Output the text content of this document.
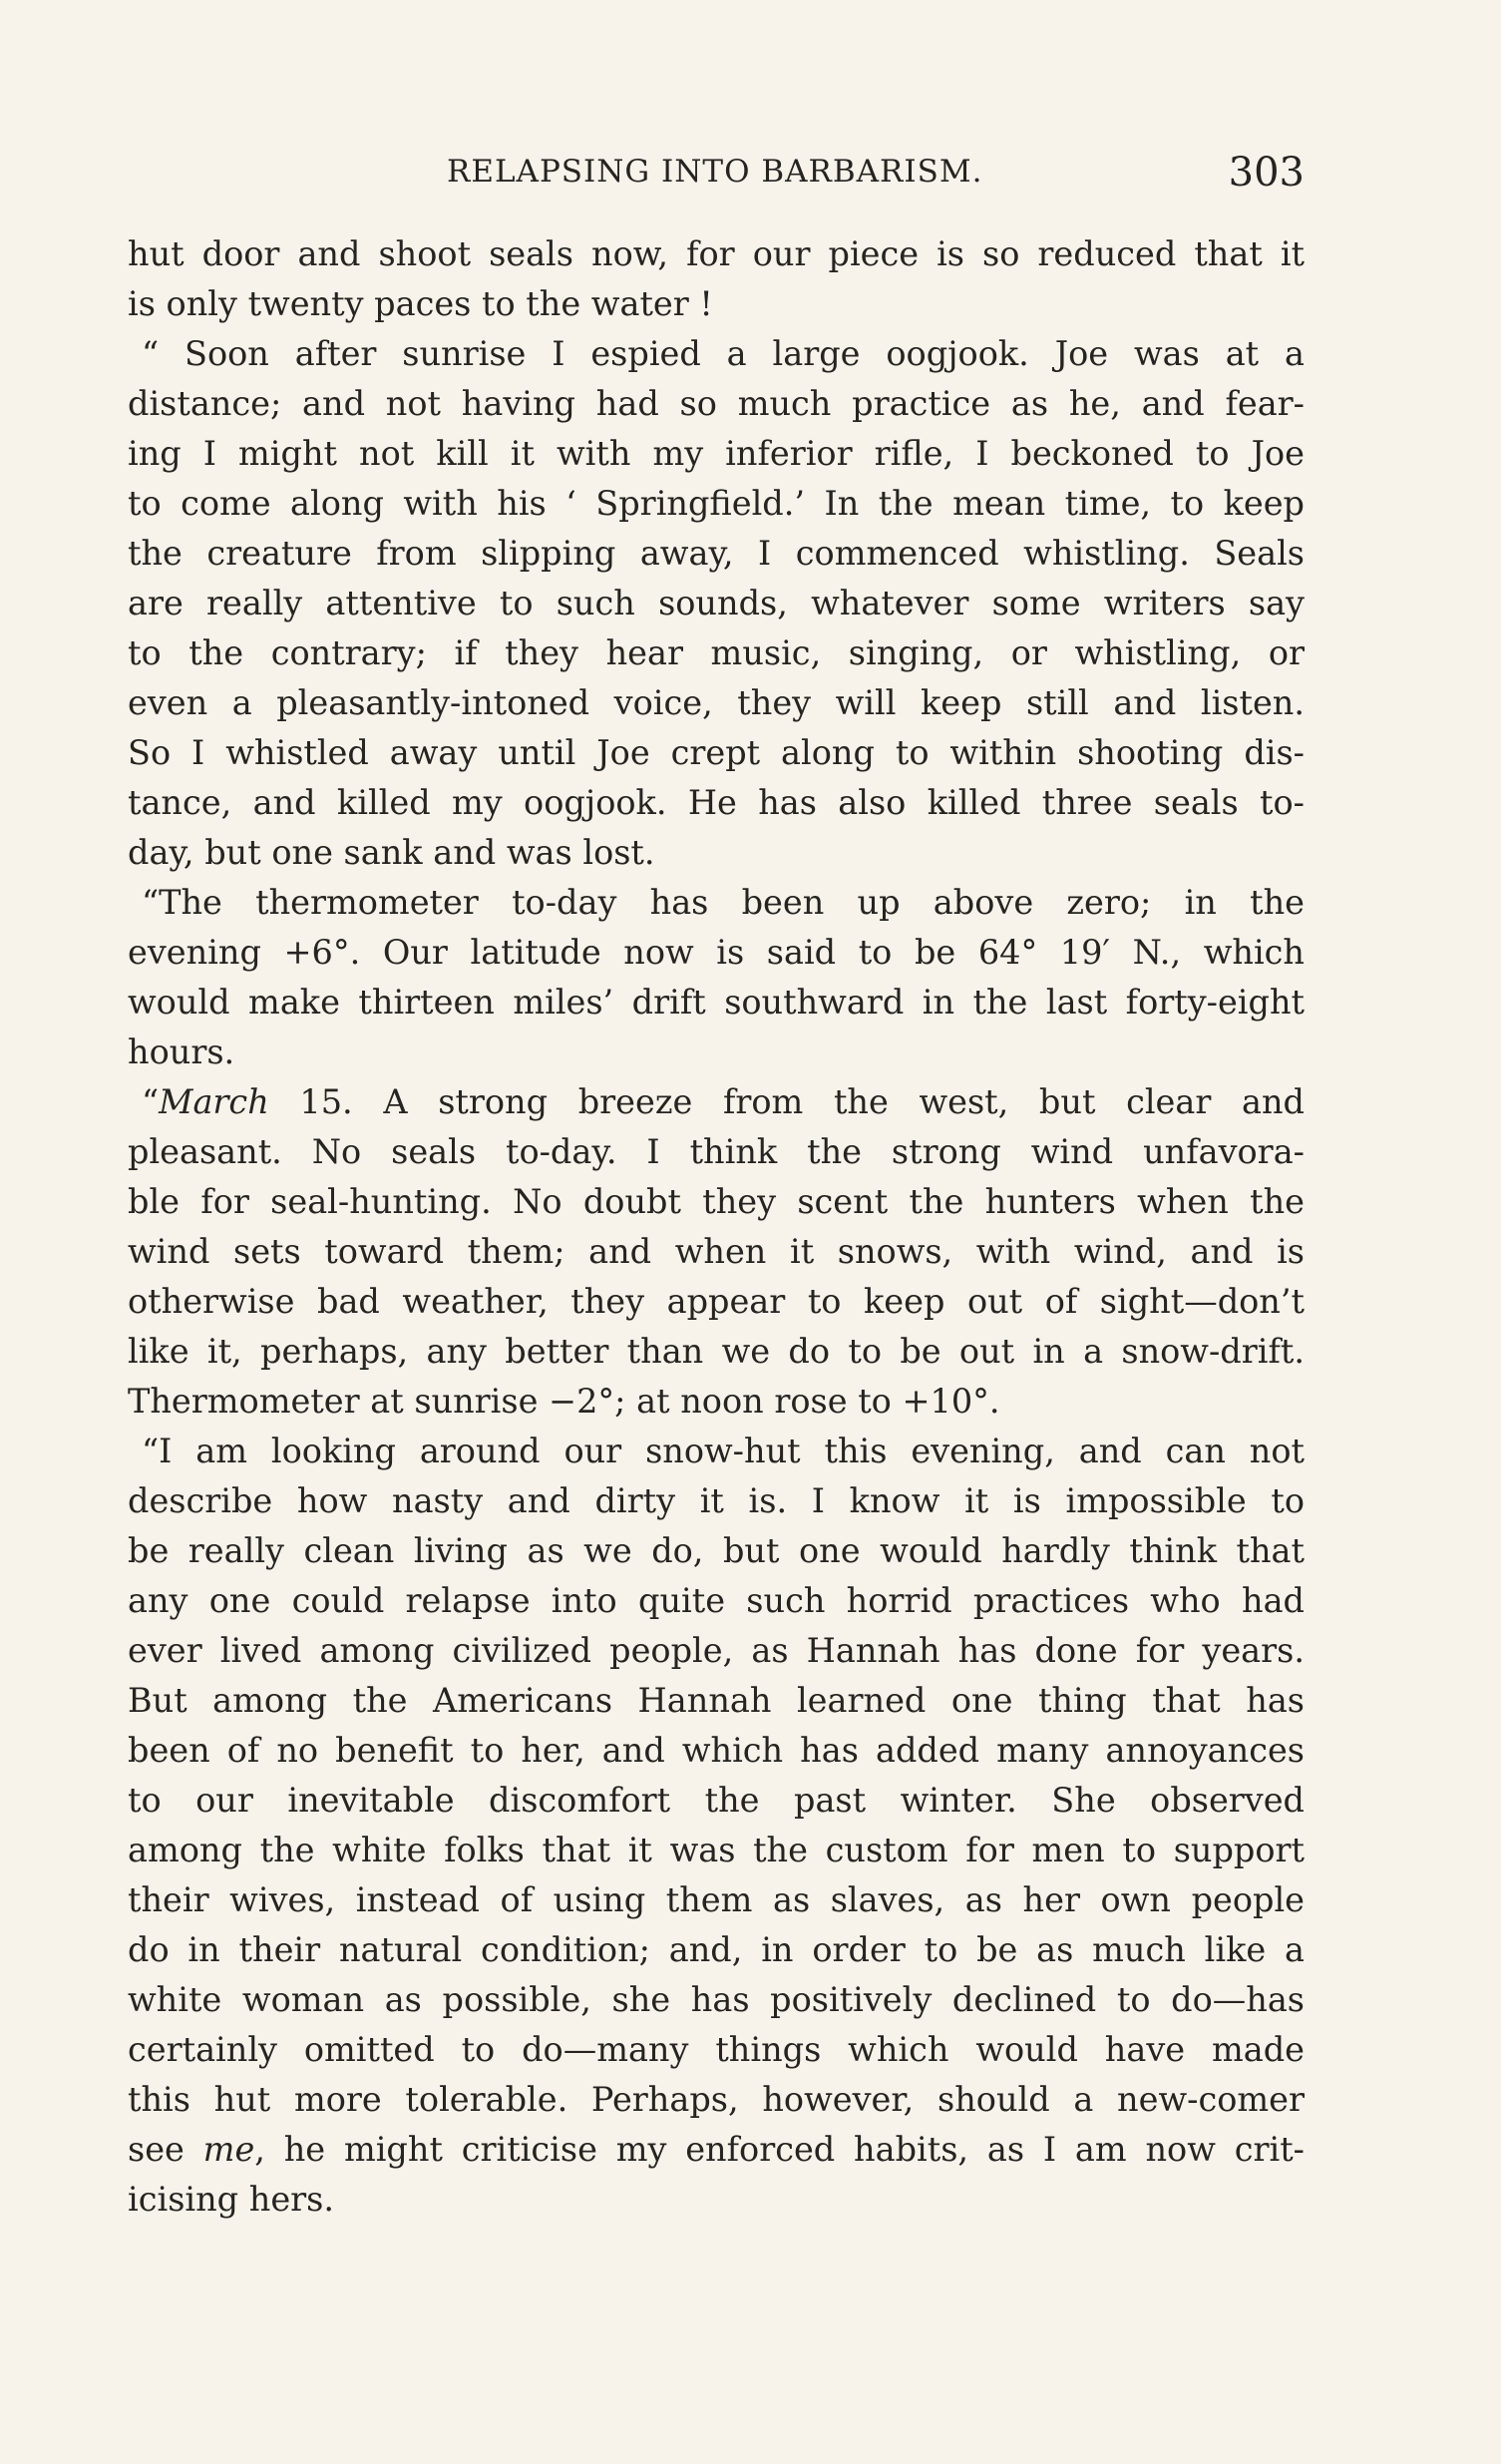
RELAPSING INTO BARBARISM.	303
hut door and shoot seals now, for our piece is so reduced that it
is only twenty paces to the water !
“ Soon after sunrise I espied a large oogjook. Joe was at a
distance; and not having had so much practice as he, and fear-
ing I might not kill it with my inferior rifle, I beckoned to Joe
to come along with his ‘ Springfield.’ In the mean time, to keep
the creature from slipping away, I commenced whistling. Seals
are really attentive to such sounds, whatever some writers say
to the contrary; if they hear music, singing, or whistling, or
even a pleasantly-intoned voice, they will keep still and listen.
So I whistled away until Joe crept along to within shooting dis-
tance, and killed my oogjook. He has also killed three seals to-
day, but one sank and was lost.
“The thermometer to-day has been up above zero; in the
evening +6°. Our latitude now is said to be 64° 19′ N., which
would make thirteen miles’ drift southward in the last forty-eight
hours.
“March 15. A strong breeze from the west, but clear and
pleasant. No seals to-day. I think the strong wind unfavora-
ble for seal-hunting. No doubt they scent the hunters when the
wind sets toward them; and when it snows, with wind, and is
otherwise bad weather, they appear to keep out of sight—don’t
like it, perhaps, any better than we do to be out in a snow-drift.
Thermometer at sunrise −2°; at noon rose to +10°.
“I am looking around our snow-hut this evening, and can not
describe how nasty and dirty it is. I know it is impossible to
be really clean living as we do, but one would hardly think that
any one could relapse into quite such horrid practices who had
ever lived among civilized people, as Hannah has done for years.
But among the Americans Hannah learned one thing that has
been of no benefit to her, and which has added many annoyances
to our inevitable discomfort the past winter. She observed
among the white folks that it was the custom for men to support
their wives, instead of using them as slaves, as her own people
do in their natural condition; and, in order to be as much like a
white woman as possible, she has positively declined to do—has
certainly omitted to do—many things which would have made
this hut more tolerable. Perhaps, however, should a new-comer
see me, he might criticise my enforced habits, as I am now crit-
icising hers.
